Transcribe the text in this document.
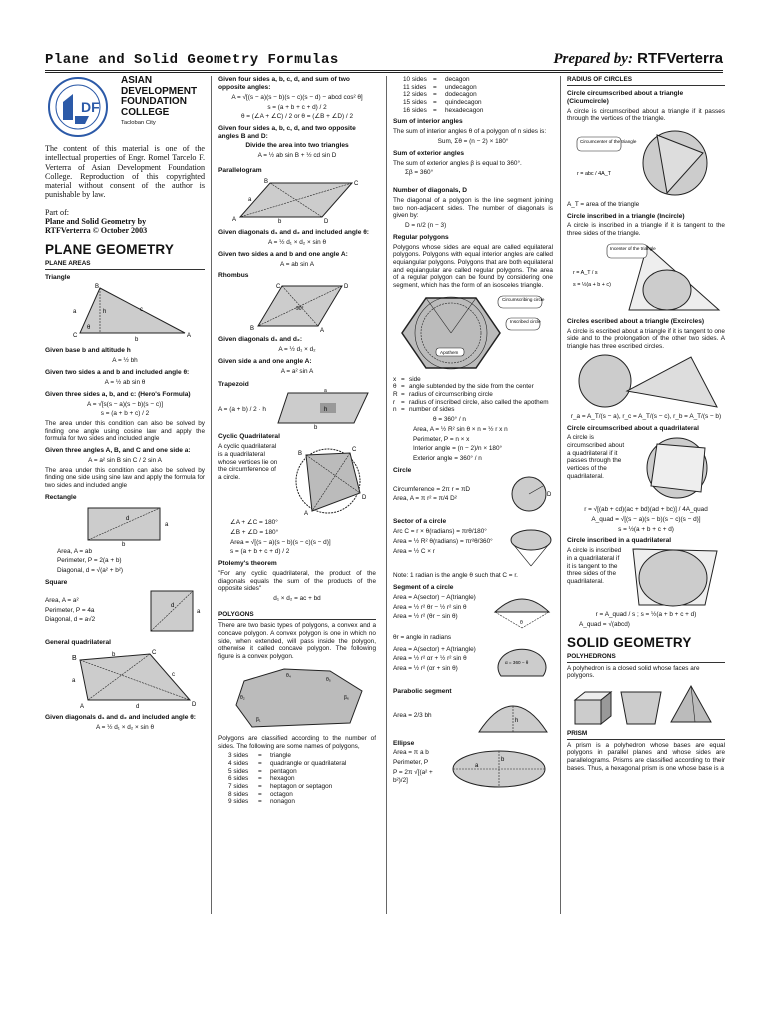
Plane and Solid Geometry Formulas	Prepared by: RTFVerterra
DF
ASIAN
DEVELOPMENT
FOUNDATION
COLLEGE
Tacloban City
The content of this material is one of the intellectual properties of Engr. Romel Tarcelo F. Verterra of Asian Development Foundation College. Reproduction of this copyrighted material without consent of the author is punishable by law.
Part of:
Plane and Solid Geometry by
RTFVerterra © October 2003
PLANE GEOMETRY
PLANE AREAS
Triangle
B
a	h
θ
C
b
A
c
Given base b and altitude h
A = ½ bh
Given two sides a and b and included angle θ:
A = ½ ab sin θ
Given three sides a, b, and c: (Hero's Formula)
A = √[s(s − a)(s − b)(s − c)]
s = (a + b + c) / 2
The area under this condition can also be solved by finding one angle using cosine law and apply the formula for two sides and included angle
Given three angles A, B, and C and one side a:
A = a² sin B sin C / 2 sin A
The area under this condition can also be solved by finding one side using sine law and apply the formula for two sides and included angle
Rectangle
d
a
b
Area, A = ab
Perimeter, P = 2(a + b)
Diagonal, d = √(a² + b²)
Square
Area, A = a²
Perimeter, P = 4a
Diagonal, d = a√2
d
a
General quadrilateral
B
C
D
A
a
b
c
d
Given diagonals d₁ and d₂ and included angle θ:
A = ½ d₁ × d₂ × sin θ
Given four sides a, b, c, d, and sum of two opposite angles:
A = √[(s − a)(s − b)(s − c)(s − d) − abcd cos² θ]
s = (a + b + c + d) / 2
θ = (∠A + ∠C) / 2 or θ = (∠B + ∠D) / 2
Given four sides a, b, c, d, and two opposite angles B and D:
Divide the area into two triangles
A = ½ ab sin B + ½ cd sin D
Parallelogram
B	C
D
A
a
b
Given diagonals d₁ and d₂ and included angle θ:
A = ½ d₁ × d₂ × sin θ
Given two sides a and b and one angle A:
A = ab sin A
Rhombus
C	D
A
B
90°
Given diagonals d₁ and d₂:
A = ½ d₁ × d₂
Given side a and one angle A:
A = a² sin A
Trapezoid
A = (a + b) / 2 · h	h
a
b
Cyclic Quadrilateral
A cyclic quadrilateral is a quadrilateral whose vertices lie on the circumference of a circle.
B
C
D
A
∠A + ∠C = 180°
∠B + ∠D = 180°
Area = √[(s − a)(s − b)(s − c)(s − d)]
s = (a + b + c + d) / 2
Ptolemy's theorem
"For any cyclic quadrilateral, the product of the diagonals equals the sum of the products of the opposite sides"
d₁ × d₂ = ac + bd
POLYGONS
There are two basic types of polygons, a convex and a concave polygon. A convex polygon is one in which no side, when extended, will pass inside the polygon, otherwise it called concave polygon. The following figure is a convex polygon.
θ₄
θ₅
β₆
θ₂
β₁
Polygons are classified according to the number of sides. The following are some names of polygons,
3 sides	=	triangle
4 sides	=	quadrangle or quadrilateral
5 sides	=	pentagon
6 sides	=	hexagon
7 sides	=	heptagon or septagon
8 sides	=	octagon
9 sides	=	nonagon
10 sides =	decagon
11 sides	=	undecagon
12 sides =	dodecagon
15 sides =	quindecagon
16 sides =	hexadecagon
Sum of interior angles
The sum of interior angles θ of a polygon of n sides is:
Sum, Σθ = (n − 2) × 180°
Sum of exterior angles
The sum of exterior angles β is equal to 360°.
Σβ = 360°
Number of diagonals, D
The diagonal of a polygon is the line segment joining two non-adjacent sides. The number of diagonals is given by:
D = n/2 (n − 3)
Regular polygons
Polygons whose sides are equal are called equilateral polygons. Polygons with equal interior angles are called equiangular polygons. Polygons that are both equilateral and equiangular are called regular polygons. The area of a regular polygon can be found by considering one segment, which has the form of an isosceles triangle.
Circumscribing circle
Inscribed circle
Apothem
x = side
θ = angle subtended by the side from the center
R = radius of circumscribing circle
r = radius of inscribed circle, also called the apothem
n = number of sides
θ = 360° / n
Area, A = ½ R² sin θ × n = ½ r x n
Perimeter, P = n × x
Interior angle = (n − 2)/n × 180°
Exterior angle = 360° / n
Circle
Circumference = 2π r = πD
Area, A = π r² = π/4 D²	D
Sector of a circle
Arc C = r × θ(radians) = πrθ/180°
Area = ½ R² θ(radians) = πr²θ/360°
Area = ½ C × r
Note: 1 radian is the angle θ such that C = r.
Segment of a circle
Area = A(sector) − A(triangle)
Area = ½ r² θr − ½ r² sin θ
Area = ½ r² (θr − sin θ)
θ
θr = angle in radians
Area = A(sector) + A(triangle)
Area = ½ r² αr + ½ r² sin θ
Area = ½ r² (αr + sin θ)
α = 360 − θ
Parabolic segment
Area = 2/3 bh
h
Ellipse
Area = π a b
Perimeter, P
P = 2π √[(a² + b²)/2]
a
b
RADIUS OF CIRCLES
Circle circumscribed about a triangle (Cicumcircle)
A circle is circumscribed about a triangle if it passes through the vertices of the triangle.
Circumcenter of the triangle
r = abc / 4A_T
A_T = area of the triangle
Circle inscribed in a triangle (Incircle)
A circle is inscribed in a triangle if it is tangent to the three sides of the triangle.
Incenter of the triangle
r = A_T / s
s = ½(a + b + c)
Circles escribed about a triangle (Excircles)
A circle is escribed about a triangle if it is tangent to one side and to the prolongation of the other two sides. A triangle has three escribed circles.
r_a = A_T/(s − a), r_c = A_T/(s − c), r_b = A_T/(s − b)
Circle circumscribed about a quadrilateral
A circle is circumscribed about a quadrilateral if it passes through the vertices of the quadrilateral.
r = √[(ab + cd)(ac + bd)(ad + bc)] / 4A_quad
A_quad = √[(s − a)(s − b)(s − c)(s − d)]
s = ½(a + b + c + d)
Circle inscribed in a quadrilateral
A circle is inscribed in a quadrilateral if it is tangent to the three sides of the quadrilateral.
r = A_quad / s ; s = ½(a + b + c + d)
A_quad = √(abcd)
SOLID GEOMETRY
POLYHEDRONS
A polyhedron is a closed solid whose faces are polygons.
PRISM
A prism is a polyhedron whose bases are equal polygons in parallel planes and whose sides are parallelograms. Prisms are classified according to their bases. Thus, a hexagonal prism is one whose base is a
